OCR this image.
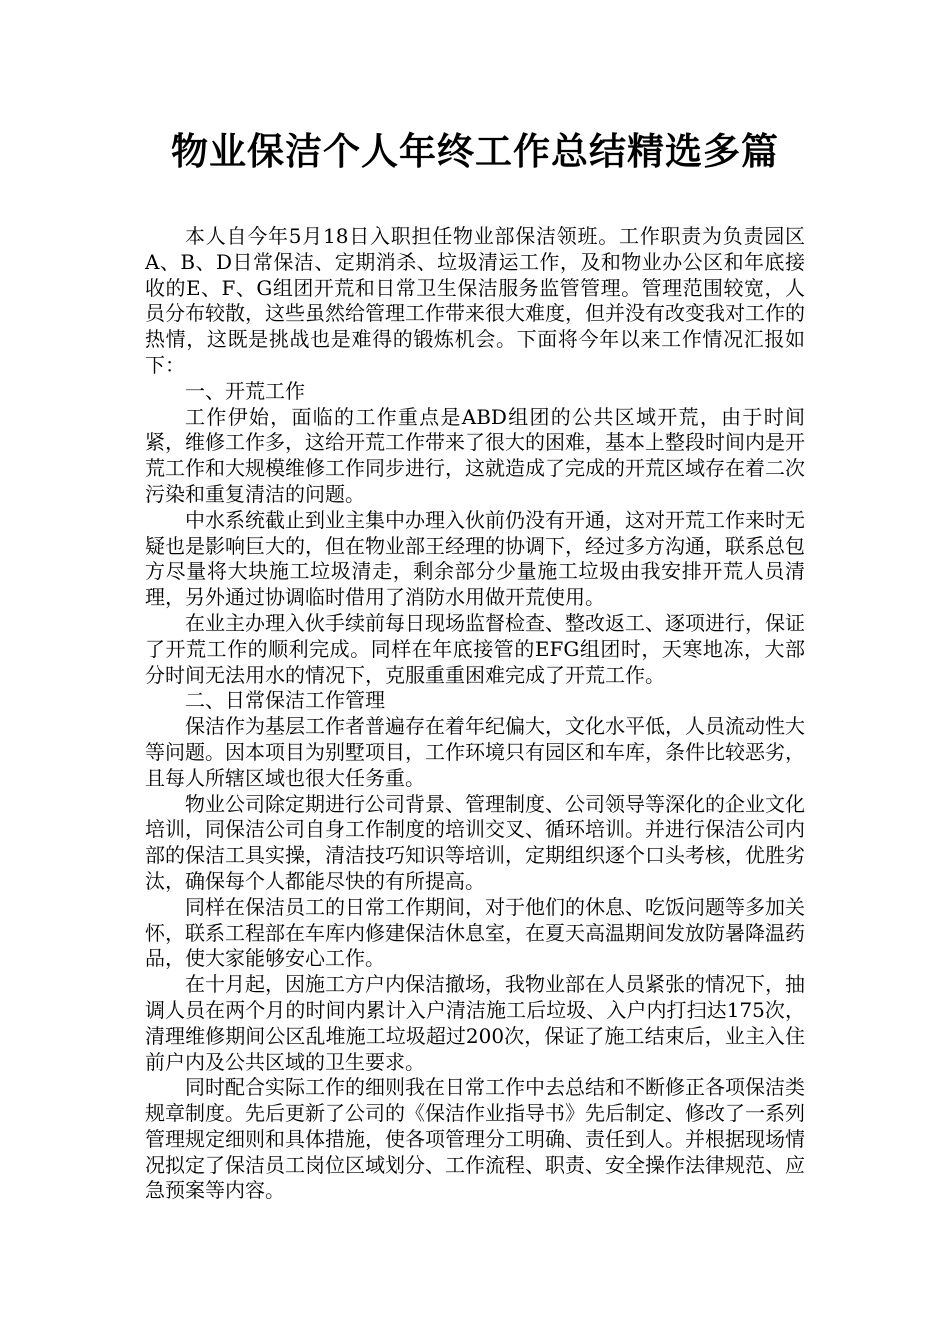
物业保洁个人年终工作总结精选多篇

本人自今年5月18日入职担任物业部保洁领班。工作职责为负责园区A、B、D日常保洁、定期消杀、垃圾清运工作，及和物业办公区和年底接收的E、F、G组团开荒和日常卫生保洁服务监管管理。管理范围较宽，人员分布较散，这些虽然给管理工作带来很大难度，但并没有改变我对工作的热情，这既是挑战也是难得的锻炼机会。下面将今年以来工作情况汇报如下：

一、开荒工作

工作伊始，面临的工作重点是ABD组团的公共区域开荒，由于时间紧，维修工作多，这给开荒工作带来了很大的困难，基本上整段时间内是开荒工作和大规模维修工作同步进行，这就造成了完成的开荒区域存在着二次污染和重复清洁的问题。

中水系统截止到业主集中办理入伙前仍没有开通，这对开荒工作来时无疑也是影响巨大的，但在物业部王经理的协调下，经过多方沟通，联系总包方尽量将大块施工垃圾清走，剩余部分少量施工垃圾由我安排开荒人员清理，另外通过协调临时借用了消防水用做开荒使用。

在业主办理入伙手续前每日现场监督检查、整改返工、逐项进行，保证了开荒工作的顺利完成。同样在年底接管的EFG组团时，天寒地冻，大部分时间无法用水的情况下，克服重重困难完成了开荒工作。

二、日常保洁工作管理

保洁作为基层工作者普遍存在着年纪偏大，文化水平低，人员流动性大等问题。因本项目为别墅项目，工作环境只有园区和车库，条件比较恶劣，且每人所辖区域也很大任务重。

物业公司除定期进行公司背景、管理制度、公司领导等深化的企业文化培训，同保洁公司自身工作制度的培训交叉、循环培训。并进行保洁公司内部的保洁工具实操，清洁技巧知识等培训，定期组织逐个口头考核，优胜劣汰，确保每个人都能尽快的有所提高。

同样在保洁员工的日常工作期间，对于他们的休息、吃饭问题等多加关怀，联系工程部在车库内修建保洁休息室，在夏天高温期间发放防暑降温药品，使大家能够安心工作。

在十月起，因施工方户内保洁撤场，我物业部在人员紧张的情况下，抽调人员在两个月的时间内累计入户清洁施工后垃圾、入户内打扫达175次，清理维修期间公区乱堆施工垃圾超过200次，保证了施工结束后，业主入住前户内及公共区域的卫生要求。

同时配合实际工作的细则我在日常工作中去总结和不断修正各项保洁类规章制度。先后更新了公司的《保洁作业指导书》先后制定、修改了一系列管理规定细则和具体措施，使各项管理分工明确、责任到人。并根据现场情况拟定了保洁员工岗位区域划分、工作流程、职责、安全操作法律规范、应急预案等内容。
